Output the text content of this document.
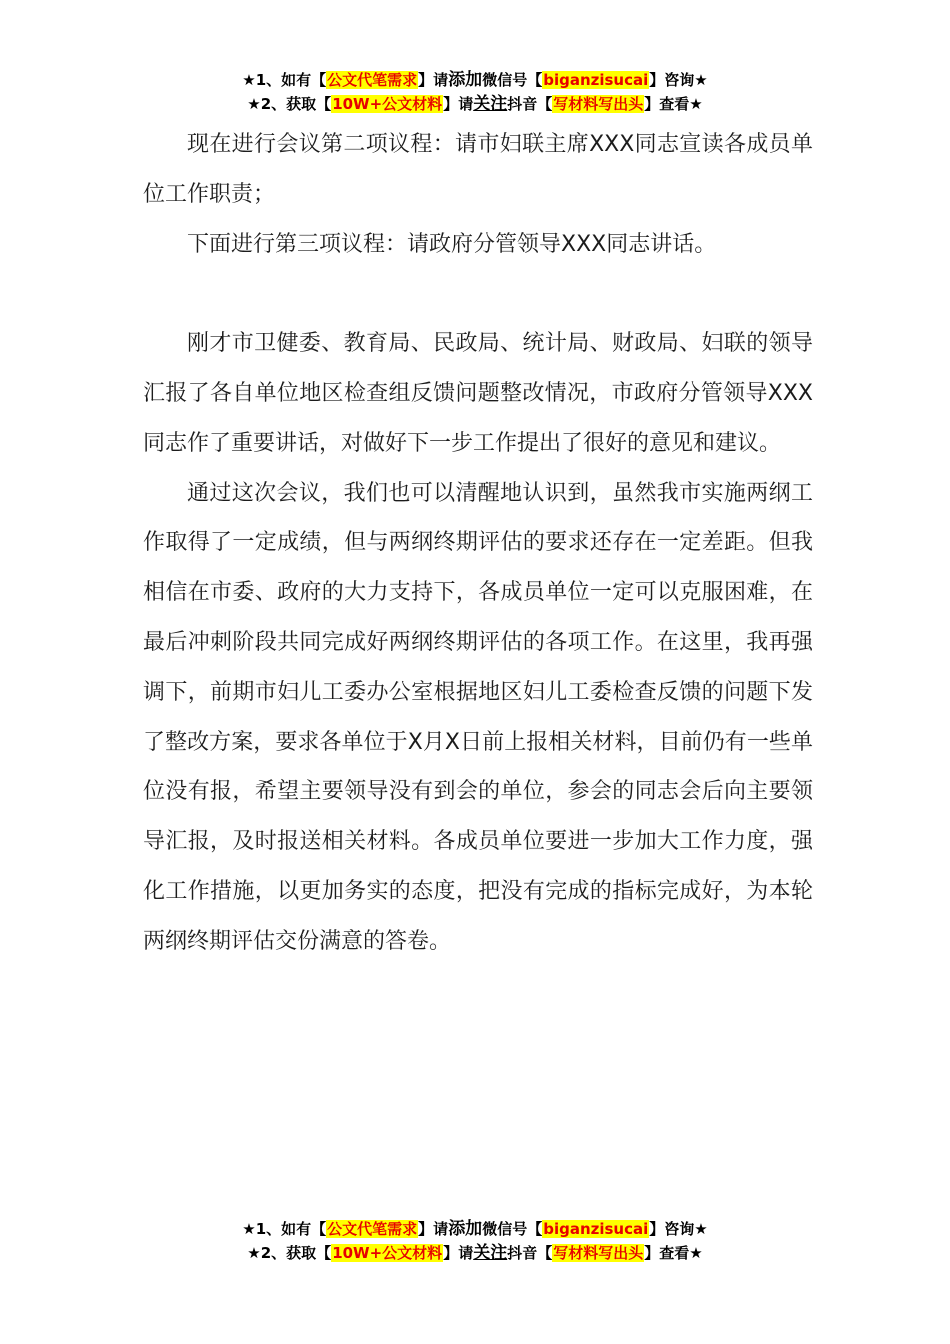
★1、如有【公文代笔需求】请添加微信号【biganzisucai】咨询★
★2、获取【10W+公文材料】请关注抖音【写材料写出头】查看★

现在进行会议第二项议程：请市妇联主席XXX同志宣读各成员单位工作职责；

下面进行第三项议程：请政府分管领导XXX同志讲话。

刚才市卫健委、教育局、民政局、统计局、财政局、妇联的领导汇报了各自单位地区检查组反馈问题整改情况，市政府分管领导XXX同志作了重要讲话，对做好下一步工作提出了很好的意见和建议。

通过这次会议，我们也可以清醒地认识到，虽然我市实施两纲工作取得了一定成绩，但与两纲终期评估的要求还存在一定差距。但我相信在市委、政府的大力支持下，各成员单位一定可以克服困难，在最后冲刺阶段共同完成好两纲终期评估的各项工作。在这里，我再强调下，前期市妇儿工委办公室根据地区妇儿工委检查反馈的问题下发了整改方案，要求各单位于X月X日前上报相关材料，目前仍有一些单位没有报，希望主要领导没有到会的单位，参会的同志会后向主要领导汇报，及时报送相关材料。各成员单位要进一步加大工作力度，强化工作措施，以更加务实的态度，把没有完成的指标完成好，为本轮两纲终期评估交份满意的答卷。

★1、如有【公文代笔需求】请添加微信号【biganzisucai】咨询★
★2、获取【10W+公文材料】请关注抖音【写材料写出头】查看★
